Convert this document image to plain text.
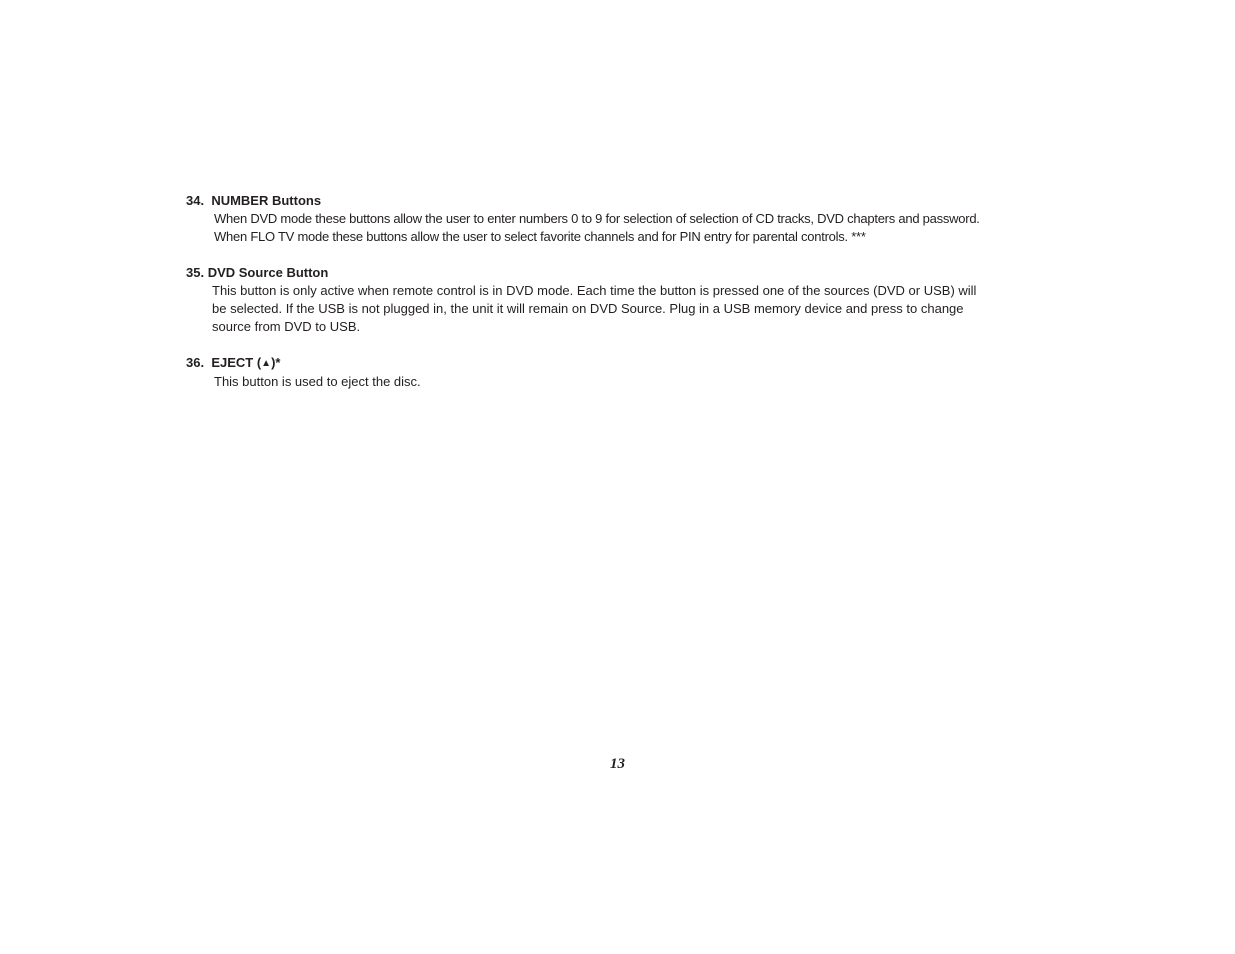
34. NUMBER Buttons
When DVD mode these buttons allow the user to enter numbers 0 to 9 for selection of selection of CD tracks, DVD chapters and password.
When FLO TV mode these buttons allow the user to select favorite channels and for PIN entry for parental controls. ***
35. DVD Source Button
This button is only active when remote control is in DVD mode. Each time the button is pressed one of the sources (DVD or USB) will
be selected. If the USB is not plugged in, the unit it will remain on DVD Source. Plug in a USB memory device and press to change
source from DVD to USB.
36. EJECT (▲)*
This button is used to eject the disc.
13
